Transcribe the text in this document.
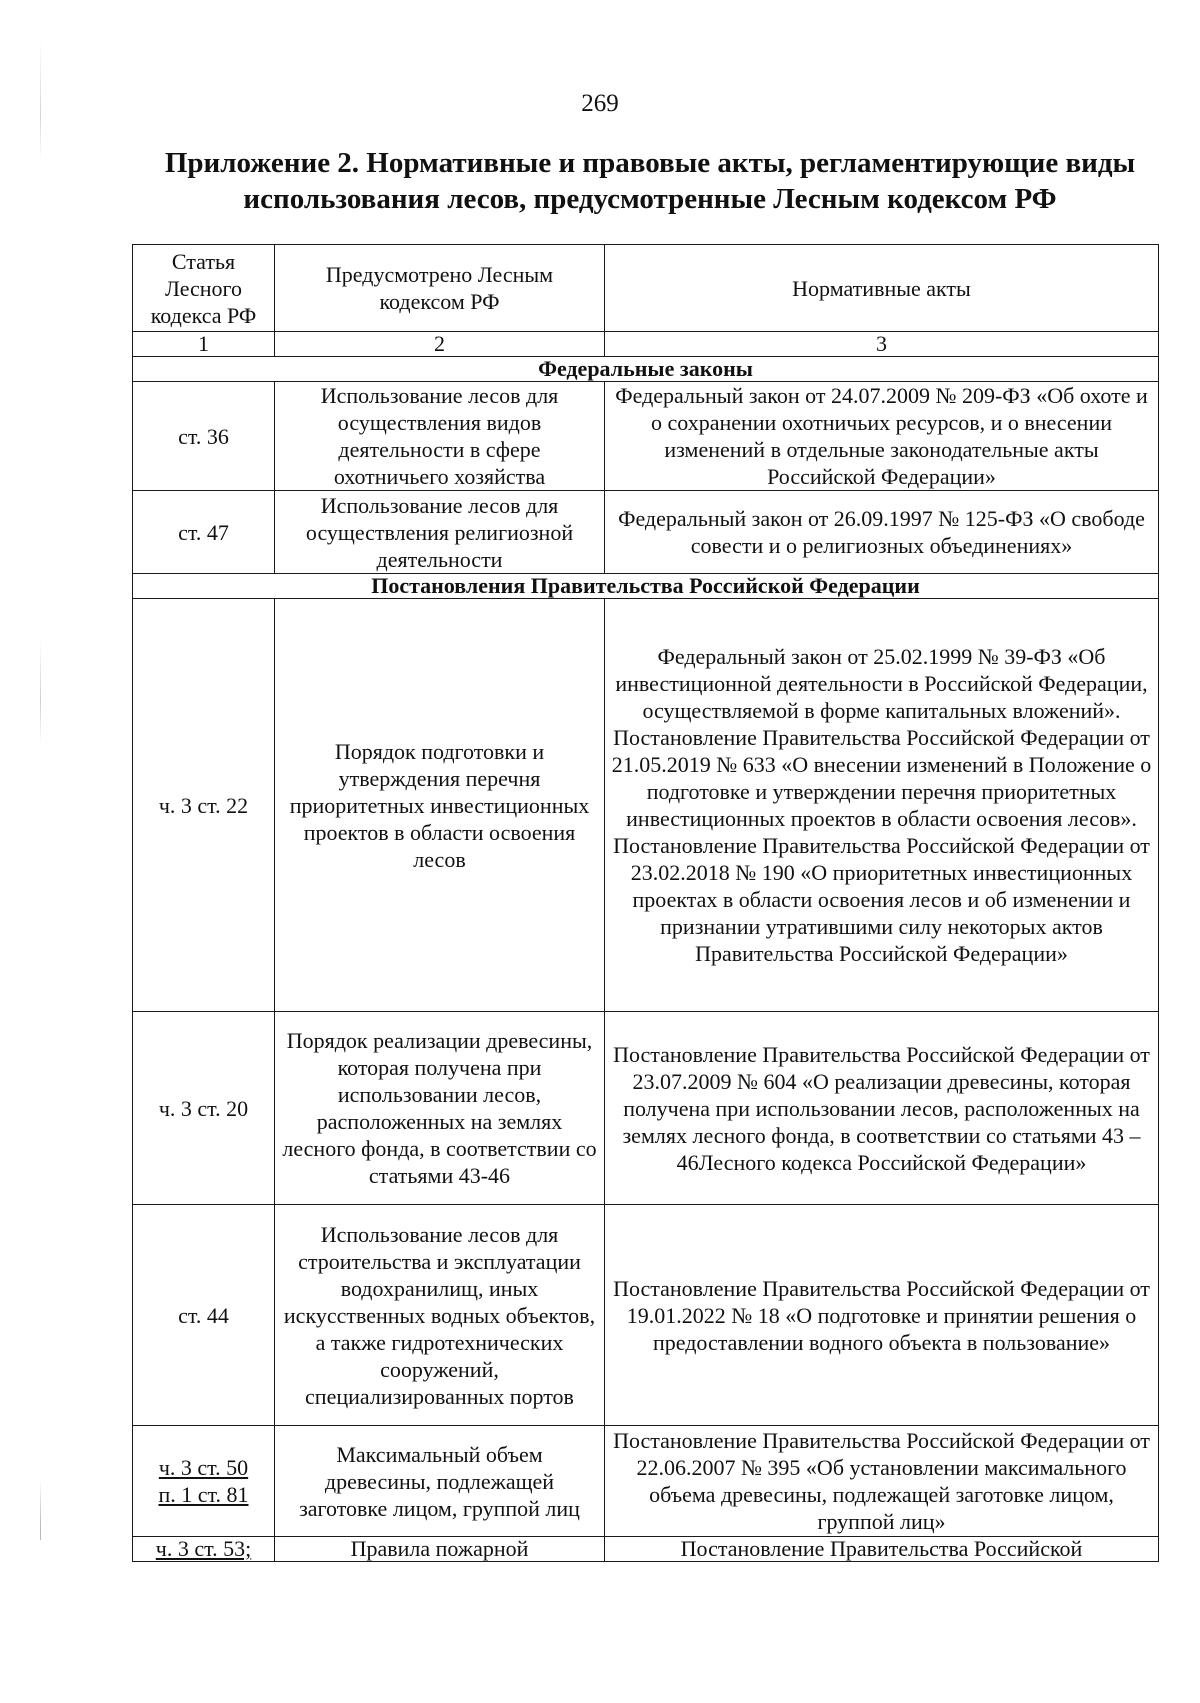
269
Приложение 2. Нормативные и правовые акты, регламентирующие виды
использования лесов, предусмотренные Лесным кодексом РФ
Статья Лесного кодекса РФ	Предусмотрено Лесным кодексом РФ	Нормативные акты
1	2	3
Федеральные законы		
ст. 36	Использование лесов для осуществления видов деятельности в сфере охотничьего хозяйства	Федеральный закон от 24.07.2009 № 209-ФЗ «Об охоте и о сохранении охотничьих ресурсов, и о внесении изменений в отдельные законодательные акты Российской Федерации»
ст. 47	Использование лесов для осуществления религиозной деятельности	Федеральный закон от 26.09.1997 № 125-ФЗ «О свободе совести и о религиозных объединениях»
Постановления Правительства Российской Федерации		
ч. 3 ст. 22	Порядок подготовки и утверждения перечня приоритетных инвестиционных проектов в области освоения лесов	Федеральный закон от 25.02.1999 № 39-ФЗ «Об инвестиционной деятельности в Российской Федерации, осуществляемой в форме капитальных вложений». Постановление Правительства Российской Федерации от 21.05.2019 № 633 «О внесении изменений в Положение о подготовке и утверждении перечня приоритетных инвестиционных проектов в области освоения лесов». Постановление Правительства Российской Федерации от 23.02.2018 № 190 «О приоритетных инвестиционных проектах в области освоения лесов и об изменении и признании утратившими силу некоторых актов Правительства Российской Федерации»
ч. 3 ст. 20	Порядок реализации древесины, которая получена при использовании лесов, расположенных на землях лесного фонда, в соответствии со статьями 43-46	Постановление Правительства Российской Федерации от 23.07.2009 № 604 «О реализации древесины, которая получена при использовании лесов, расположенных на землях лесного фонда, в соответствии со статьями 43 – 46Лесного кодекса Российской Федерации»
ст. 44	Использование лесов для строительства и эксплуатации водохранилищ, иных искусственных водных объектов, а также гидротехнических сооружений, специализированных портов	Постановление Правительства Российской Федерации от 19.01.2022 № 18 «О подготовке и принятии решения о предоставлении водного объекта в пользование»
ч. 3 ст. 50
п. 1 ст. 81	Максимальный объем древесины, подлежащей заготовке лицом, группой лиц	Постановление Правительства Российской Федерации от 22.06.2007 № 395 «Об установлении максимального объема древесины, подлежащей заготовке лицом, группой лиц»
ч. 3 ст. 53;	Правила пожарной	Постановление Правительства Российской
